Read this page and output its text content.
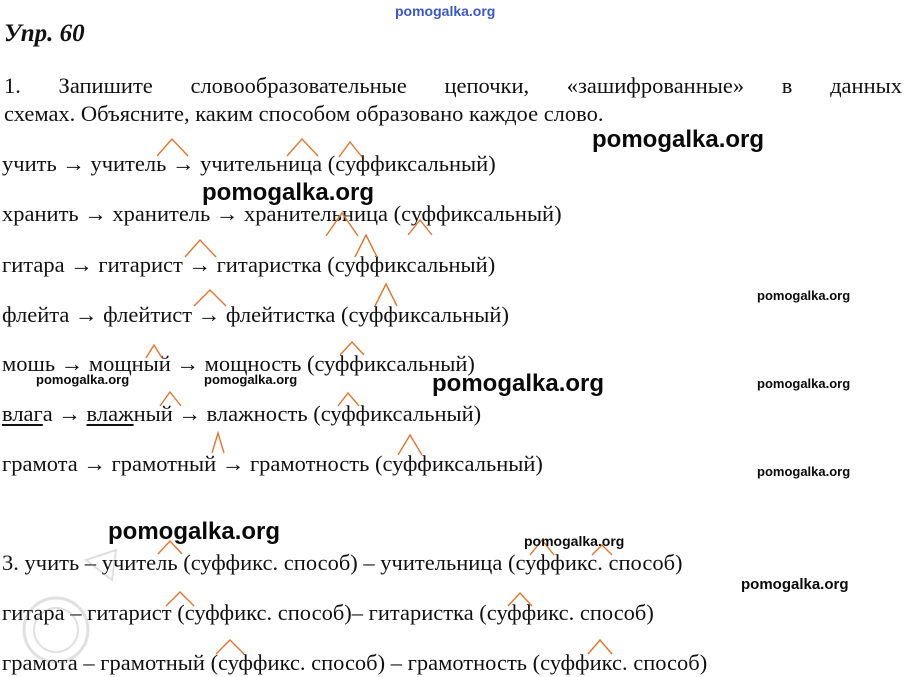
pomogalka.org
Упр. 60
1. Запишите словообразовательные цепочки, «зашифрованные» в данных
схемах. Объясните, каким способом образовано каждое слово.
учить → учитель → учительница (суффиксальный)
хранить → хранитель → хранительница (суффиксальный)
гитара → гитарист → гитаристка (суффиксальный)
флейта → флейтист → флейтистка (суффиксальный)
мошь → мощный → мощность (суффиксальный)
влага → влажный → влажность (суффиксальный)
грамота → грамотный → грамотность (суффиксальный)
3. учить – учитель (суффикс. способ) – учительница (суффикс. способ)
гитара – гитарист (суффикс. способ)– гитаристка (суффикс. способ)
грамота – грамотный (суффикс. способ) – грамотность (суффикс. способ)
pomogalka.org
pomogalka.org
pomogalka.org
pomogalka.org	pomogalka.org	pomogalka.org	pomogalka.org
pomogalka.org
pomogalka.org	pomogalka.org
pomogalka.org
